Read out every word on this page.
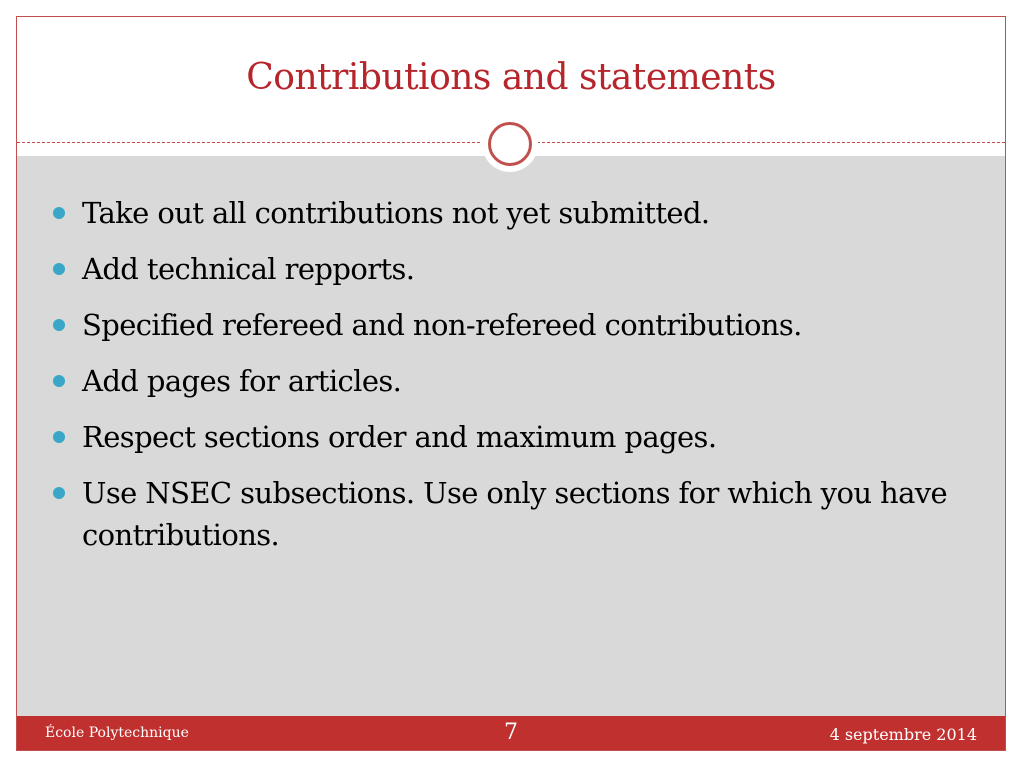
Contributions and statements
Take out all contributions not yet submitted.
Add technical repports.
Specified refereed and non-refereed contributions.
Add pages for articles.
Respect sections order and maximum pages.
Use NSEC subsections. Use only sections for which you have contributions.
École Polytechnique	7	4 septembre 2014
